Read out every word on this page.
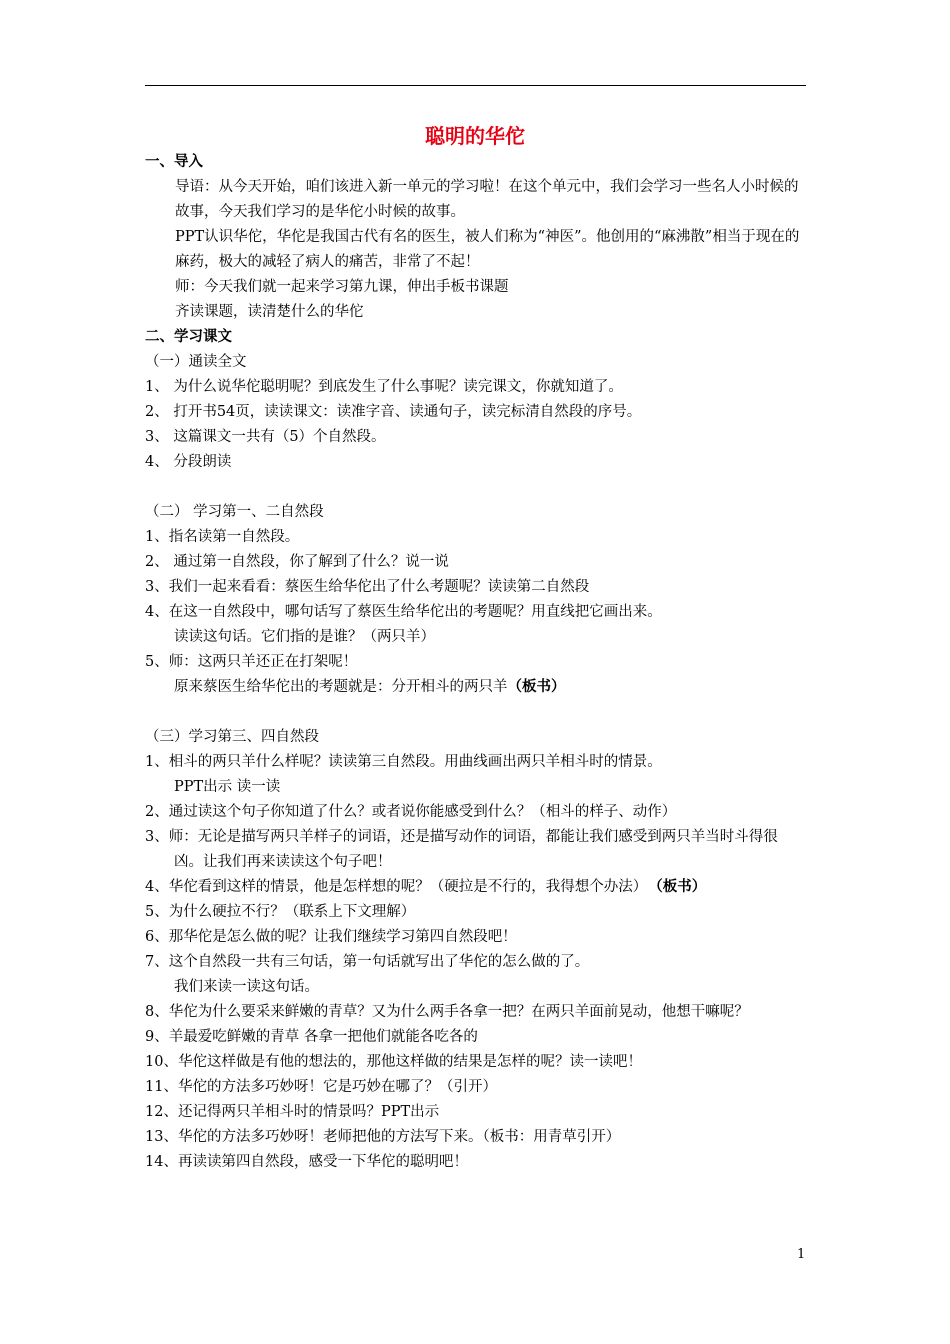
聪明的华佗

一、导入

导语：从今天开始，咱们该进入新一单元的学习啦！在这个单元中，我们会学习一些名人小时候的故事，今天我们学习的是华佗小时候的故事。

PPT认识华佗，华佗是我国古代有名的医生，被人们称为“神医”。他创用的“麻沸散”相当于现在的麻药，极大的减轻了病人的痛苦，非常了不起！

师：今天我们就一起来学习第九课，伸出手板书课题

齐读课题，读清楚什么的华佗

二、学习课文

（一）通读全文

1、 为什么说华佗聪明呢？到底发生了什么事呢？读完课文，你就知道了。

2、 打开书54页，读读课文：读准字音、读通句子，读完标清自然段的序号。

3、 这篇课文一共有（5）个自然段。

4、 分段朗读

（二） 学习第一、二自然段

1、指名读第一自然段。

2、 通过第一自然段，你了解到了什么？说一说

3、我们一起来看看：蔡医生给华佗出了什么考题呢？读读第二自然段

4、在这一自然段中，哪句话写了蔡医生给华佗出的考题呢？用直线把它画出来。

读读这句话。它们指的是谁？（两只羊）

5、师：这两只羊还正在打架呢！

原来蔡医生给华佗出的考题就是：分开相斗的两只羊（板书）

（三）学习第三、四自然段

1、相斗的两只羊什么样呢？读读第三自然段。用曲线画出两只羊相斗时的情景。

PPT出示 读一读

2、通过读这个句子你知道了什么？或者说你能感受到什么？（相斗的样子、动作）

3、师：无论是描写两只羊样子的词语，还是描写动作的词语，都能让我们感受到两只羊当时斗得很凶。让我们再来读读这个句子吧！

4、华佗看到这样的情景，他是怎样想的呢？（硬拉是不行的，我得想个办法）（板书）

5、为什么硬拉不行？（联系上下文理解）

6、那华佗是怎么做的呢？让我们继续学习第四自然段吧！

7、这个自然段一共有三句话，第一句话就写出了华佗的怎么做的了。

我们来读一读这句话。

8、华佗为什么要采来鲜嫩的青草？又为什么两手各拿一把？在两只羊面前晃动，他想干嘛呢？

9、羊最爱吃鲜嫩的青草 各拿一把他们就能各吃各的

10、华佗这样做是有他的想法的，那他这样做的结果是怎样的呢？读一读吧！

11、华佗的方法多巧妙呀！它是巧妙在哪了？（引开）

12、还记得两只羊相斗时的情景吗？PPT出示

13、华佗的方法多巧妙呀！老师把他的方法写下来。（板书：用青草引开）

14、再读读第四自然段，感受一下华佗的聪明吧！

1
